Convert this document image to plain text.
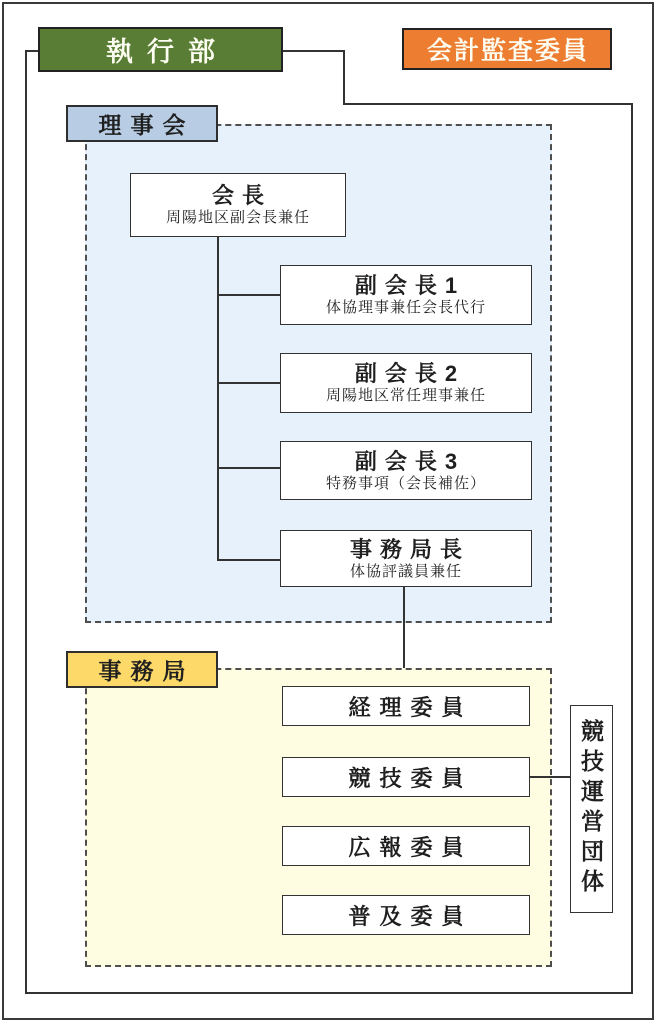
執行部	会計監査委員
理事会
会長
周陽地区副会長兼任
副会長1
体協理事兼任会長代行
副会長2
周陽地区常任理事兼任
副会長3
特務事項（会長補佐）
事務局長
体協評議員兼任
事務局
経理委員
競技委員
広報委員
普及委員
競技運営団体
